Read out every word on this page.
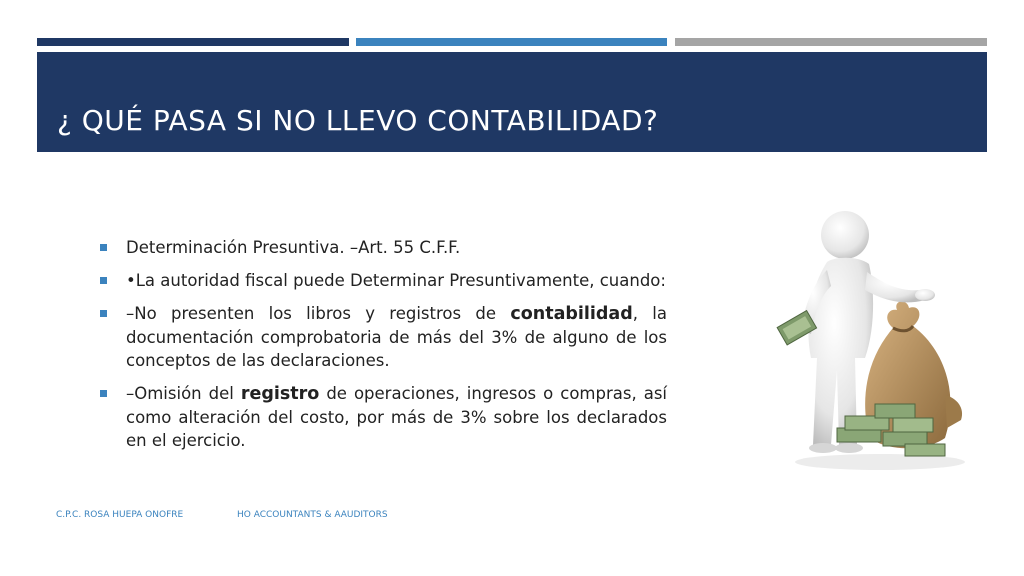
¿ QUÉ PASA SI NO LLEVO CONTABILIDAD?

Determinación Presuntiva. –Art. 55 C.F.F.

•La autoridad fiscal puede Determinar Presuntivamente, cuando:

–No presenten los libros y registros de contabilidad, la documentación comprobatoria de más del 3% de alguno de los conceptos de las declaraciones.

–Omisión del registro de operaciones, ingresos o compras, así como alteración del costo, por más de 3% sobre los declarados en el ejercicio.

C.P.C. ROSA HUEPA ONOFRE	HO ACCOUNTANTS & AAUDITORS
